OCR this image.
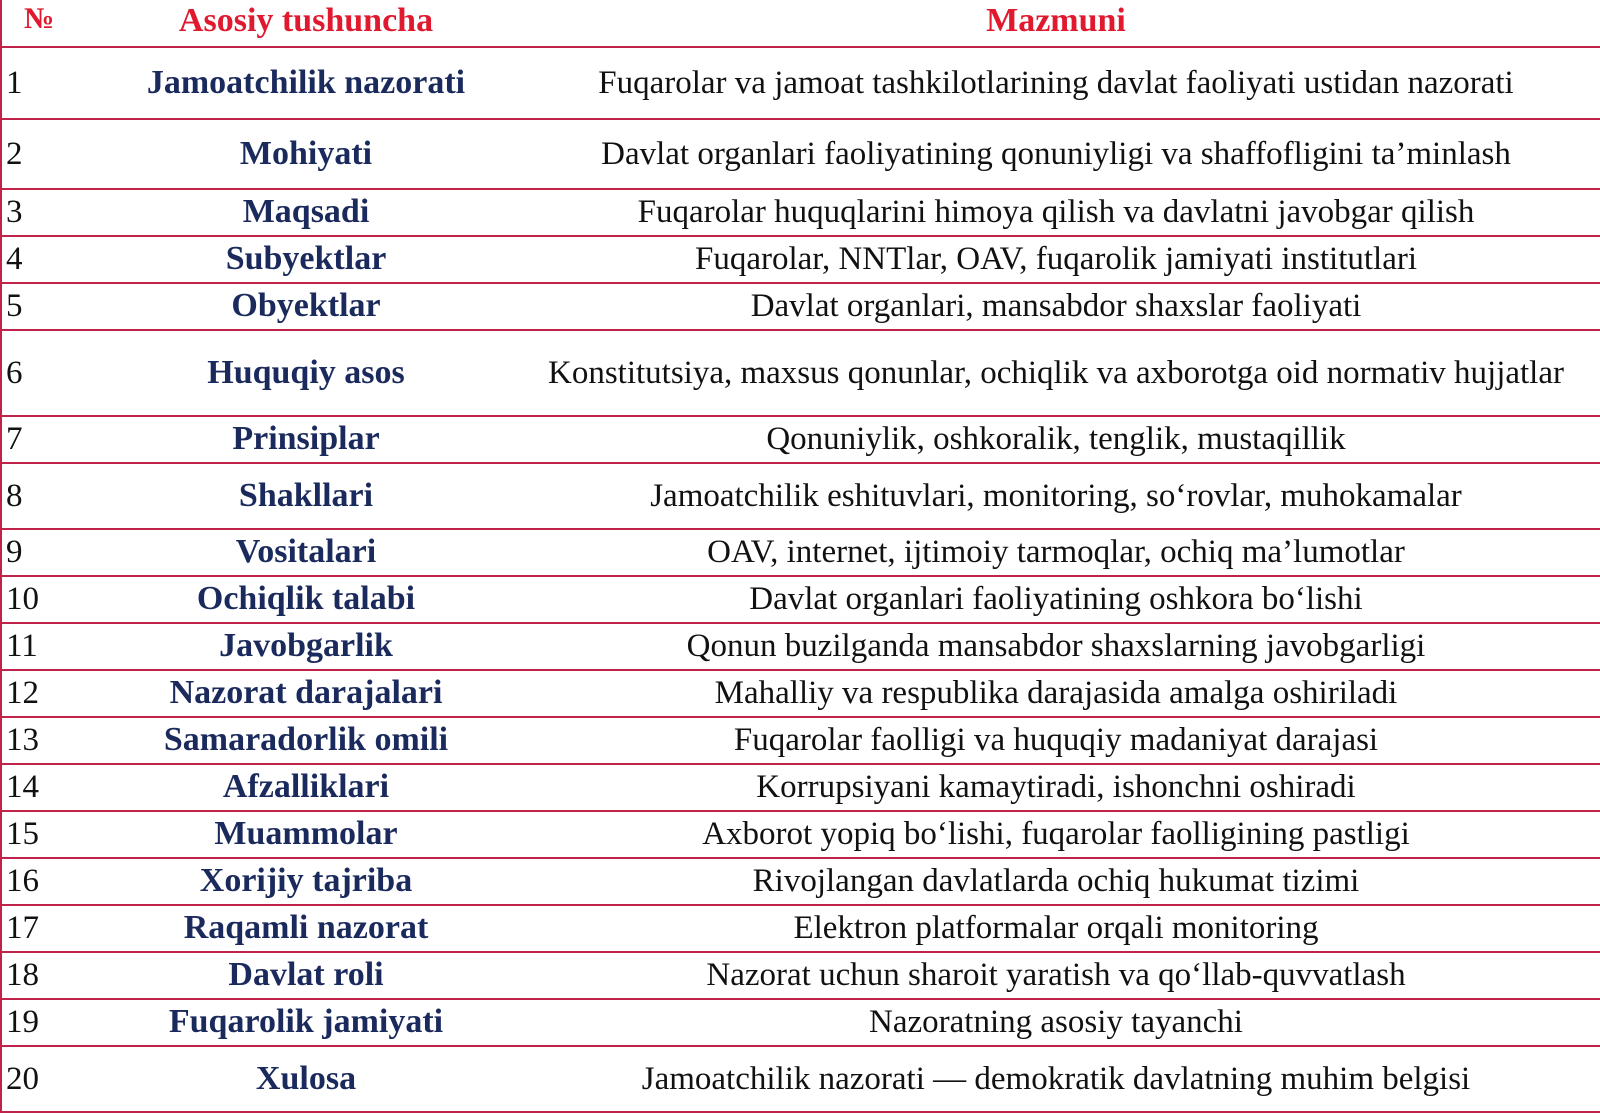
№	Asosiy tushuncha	Mazmuni
1	Jamoatchilik nazorati	Fuqarolar va jamoat tashkilotlarining davlat faoliyati ustidan nazorati
2	Mohiyati	Davlat organlari faoliyatining qonuniyligi va shaffofligini ta’minlash
3	Maqsadi	Fuqarolar huquqlarini himoya qilish va davlatni javobgar qilish
4	Subyektlar	Fuqarolar, NNTlar, OAV, fuqarolik jamiyati institutlari
5	Obyektlar	Davlat organlari, mansabdor shaxslar faoliyati
6	Huquqiy asos	Konstitutsiya, maxsus qonunlar, ochiqlik va axborotga oid normativ hujjatlar
7	Prinsiplar	Qonuniylik, oshkoralik, tenglik, mustaqillik
8	Shakllari	Jamoatchilik eshituvlari, monitoring, so‘rovlar, muhokamalar
9	Vositalari	OAV, internet, ijtimoiy tarmoqlar, ochiq ma’lumotlar
10	Ochiqlik talabi	Davlat organlari faoliyatining oshkora bo‘lishi
11	Javobgarlik	Qonun buzilganda mansabdor shaxslarning javobgarligi
12	Nazorat darajalari	Mahalliy va respublika darajasida amalga oshiriladi
13	Samaradorlik omili	Fuqarolar faolligi va huquqiy madaniyat darajasi
14	Afzalliklari	Korrupsiyani kamaytiradi, ishonchni oshiradi
15	Muammolar	Axborot yopiq bo‘lishi, fuqarolar faolligining pastligi
16	Xorijiy tajriba	Rivojlangan davlatlarda ochiq hukumat tizimi
17	Raqamli nazorat	Elektron platformalar orqali monitoring
18	Davlat roli	Nazorat uchun sharoit yaratish va qo‘llab-quvvatlash
19	Fuqarolik jamiyati	Nazoratning asosiy tayanchi
20	Xulosa	Jamoatchilik nazorati — demokratik davlatning muhim belgisi
